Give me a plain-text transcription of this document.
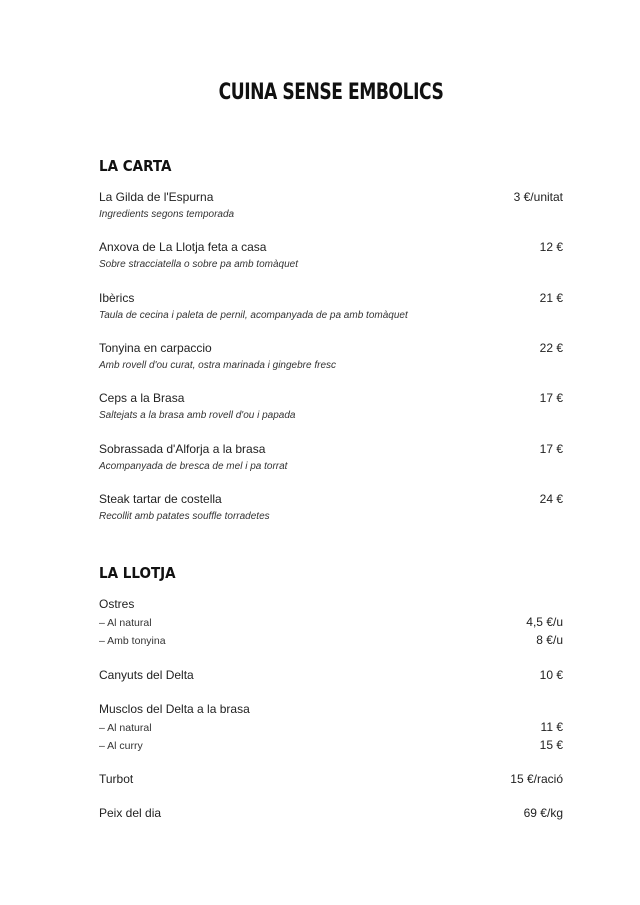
CUINA SENSE EMBOLICS
LA CARTA
La Gilda de l'Espurna	3 €/unitat
Ingredients segons temporada
Anxova de La Llotja feta a casa	12 €
Sobre stracciatella o sobre pa amb tomàquet
Ibèrics	21 €
Taula de cecina i paleta de pernil, acompanyada de pa amb tomàquet
Tonyina en carpaccio	22 €
Amb rovell d'ou curat, ostra marinada i gingebre fresc
Ceps a la Brasa	17 €
Saltejats a la brasa amb rovell d'ou i papada
Sobrassada d'Alforja a la brasa	17 €
Acompanyada de bresca de mel i pa torrat
Steak tartar de costella	24 €
Recollit amb patates souffle torradetes
LA LLOTJA
Ostres
– Al natural	4,5 €/u
– Amb tonyina	8 €/u
Canyuts del Delta	10 €
Musclos del Delta a la brasa
– Al natural	11 €
– Al curry	15 €
Turbot	15 €/ració
Peix del dia	69 €/kg
